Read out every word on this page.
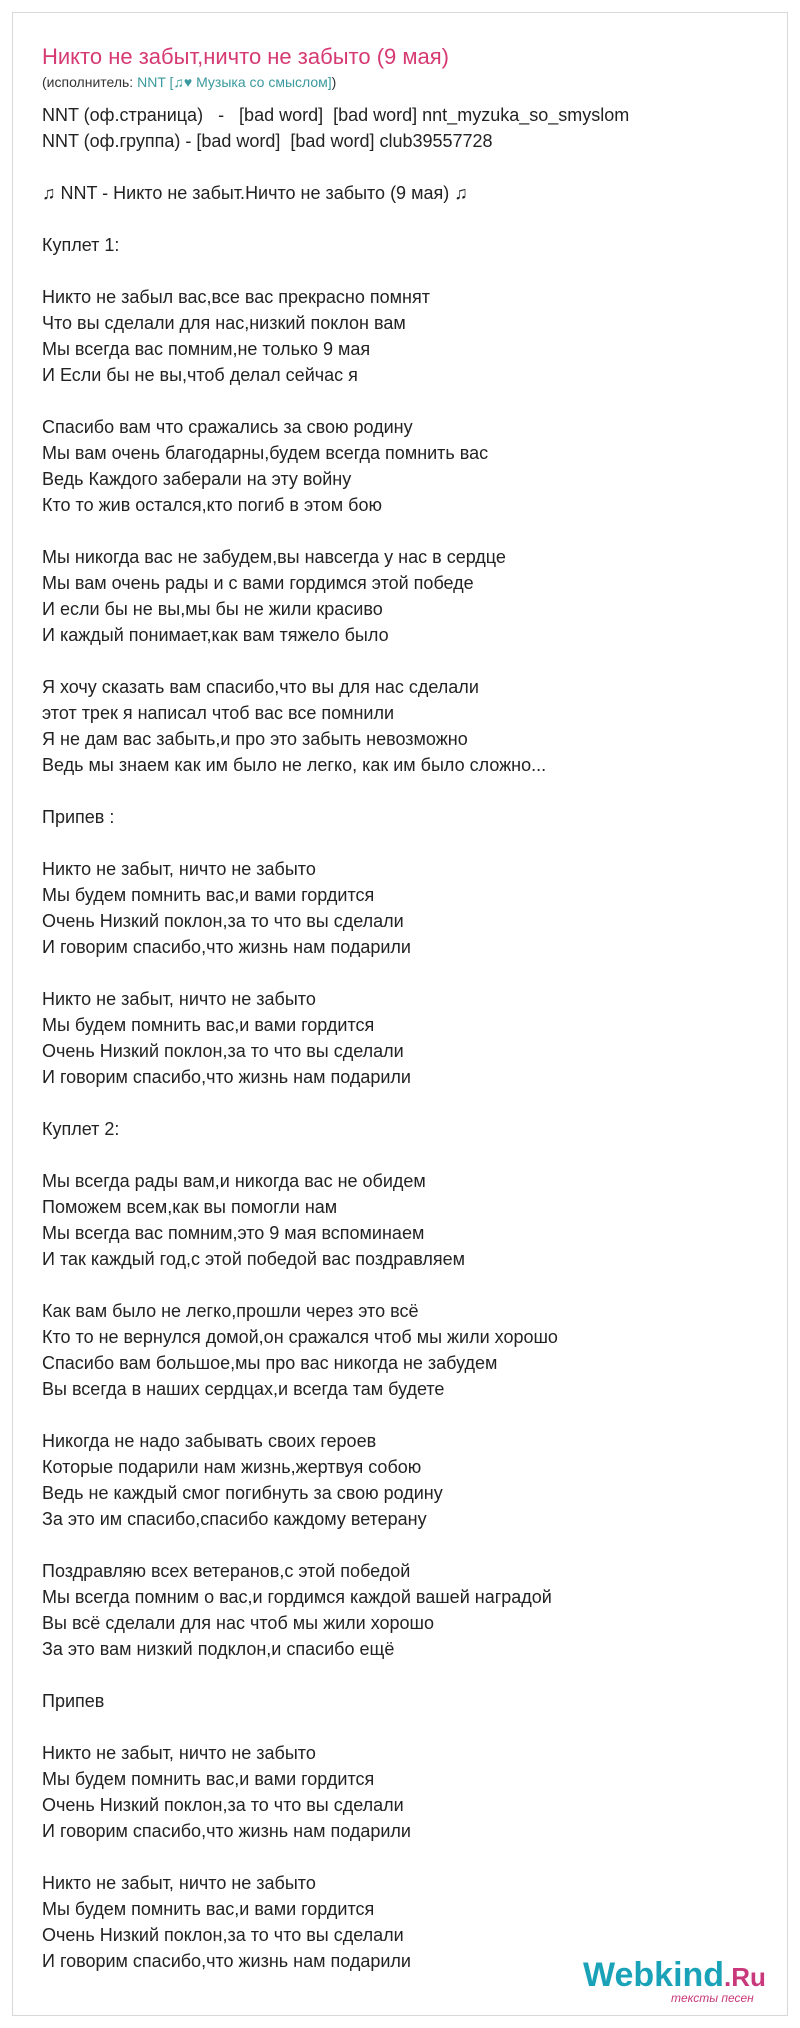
Никто не забыт,ничто не забыто (9 мая)
(исполнитель: NNT [♫♥ Музыка со смыслом])
NNT (оф.страница)   -   [bad word]  [bad word] nnt_myzuka_so_smyslom
NNT (оф.группа) - [bad word]  [bad word] club39557728
♫ NNT - Никто не забыт.Ничто не забыто (9 мая) ♫
Куплет 1:
Никто не забыл вас,все вас прекрасно помнят
Что вы сделали для нас,низкий поклон вам
Мы всегда вас помним,не только 9 мая
И Если бы не вы,чтоб делал сейчас я
Спасибо вам что сражались за свою родину
Мы вам очень благодарны,будем всегда помнить вас
Ведь Каждого заберали на эту войну
Кто то жив остался,кто погиб в этом бою
Мы никогда вас не забудем,вы навсегда у нас в сердце
Мы вам очень рады и с вами гордимся этой победе
И если бы не вы,мы бы не жили красиво
И каждый понимает,как вам тяжело было
Я хочу сказать вам спасибо,что вы для нас сделали
этот трек я написал чтоб вас все помнили
Я не дам вас забыть,и про это забыть невозможно
Ведь мы знаем как им было не легко, как им было сложно...
Припев :
Никто не забыт, ничто не забыто
Мы будем помнить вас,и вами гордится
Очень Низкий поклон,за то что вы сделали
И говорим спасибо,что жизнь нам подарили
Никто не забыт, ничто не забыто
Мы будем помнить вас,и вами гордится
Очень Низкий поклон,за то что вы сделали
И говорим спасибо,что жизнь нам подарили
Куплет 2:
Мы всегда рады вам,и никогда вас не обидем
Поможем всем,как вы помогли нам
Мы всегда вас помним,это 9 мая вспоминаем
И так каждый год,с этой победой вас поздравляем
Как вам было не легко,прошли через это всё
Кто то не вернулся домой,он сражался чтоб мы жили хорошо
Спасибо вам большое,мы про вас никогда не забудем
Вы всегда в наших сердцах,и всегда там будете
Никогда не надо забывать своих героев
Которые подарили нам жизнь,жертвуя собою
Ведь не каждый смог погибнуть за свою родину
За это им спасибо,спасибо каждому ветерану
Поздравляю всех ветеранов,с этой победой
Мы всегда помним о вас,и гордимся каждой вашей наградой
Вы всё сделали для нас чтоб мы жили хорошо
За это вам низкий подклон,и спасибо ещё
Припев
Никто не забыт, ничто не забыто
Мы будем помнить вас,и вами гордится
Очень Низкий поклон,за то что вы сделали
И говорим спасибо,что жизнь нам подарили
Никто не забыт, ничто не забыто
Мы будем помнить вас,и вами гордится
Очень Низкий поклон,за то что вы сделали
И говорим спасибо,что жизнь нам подарили	Webkind.Ru
тексты песен
